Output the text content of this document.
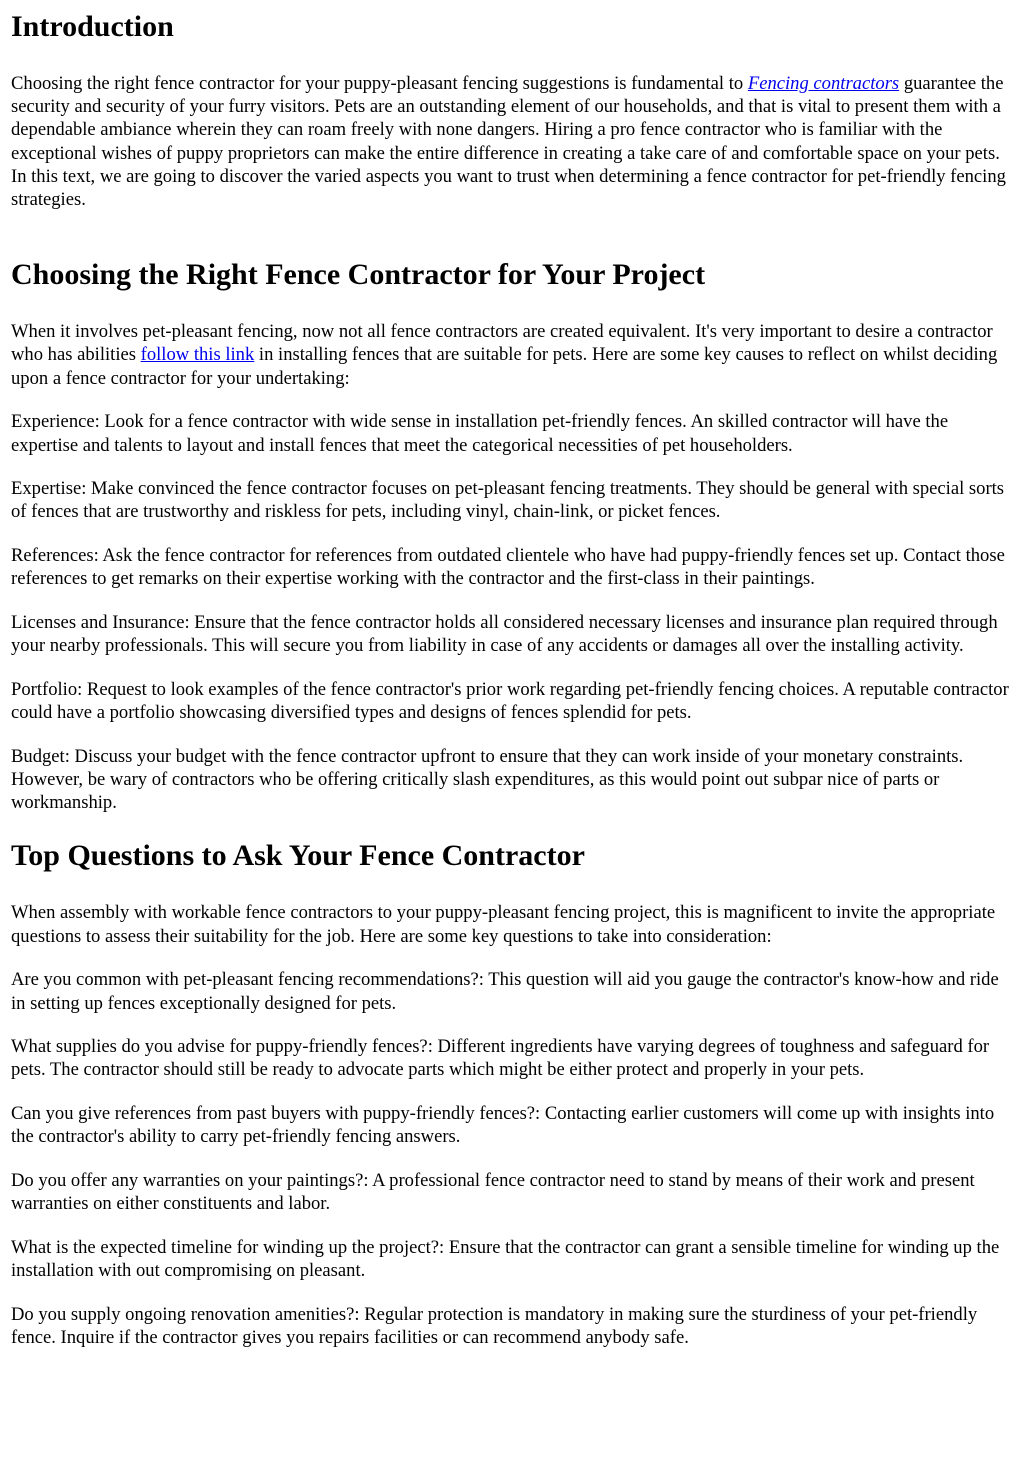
Introduction

Choosing the right fence contractor for your puppy-pleasant fencing suggestions is fundamental to Fencing contractors guarantee the security and security of your furry visitors. Pets are an outstanding element of our households, and that is vital to present them with a dependable ambiance wherein they can roam freely with none dangers. Hiring a pro fence contractor who is familiar with the exceptional wishes of puppy proprietors can make the entire difference in creating a take care of and comfortable space on your pets. In this text, we are going to discover the varied aspects you want to trust when determining a fence contractor for pet-friendly fencing strategies.

Choosing the Right Fence Contractor for Your Project

When it involves pet-pleasant fencing, now not all fence contractors are created equivalent. It's very important to desire a contractor who has abilities follow this link in installing fences that are suitable for pets. Here are some key causes to reflect on whilst deciding upon a fence contractor for your undertaking:

Experience: Look for a fence contractor with wide sense in installation pet-friendly fences. An skilled contractor will have the expertise and talents to layout and install fences that meet the categorical necessities of pet householders.

Expertise: Make convinced the fence contractor focuses on pet-pleasant fencing treatments. They should be general with special sorts of fences that are trustworthy and riskless for pets, including vinyl, chain-link, or picket fences.

References: Ask the fence contractor for references from outdated clientele who have had puppy-friendly fences set up. Contact those references to get remarks on their expertise working with the contractor and the first-class in their paintings.

Licenses and Insurance: Ensure that the fence contractor holds all considered necessary licenses and insurance plan required through your nearby professionals. This will secure you from liability in case of any accidents or damages all over the installing activity.

Portfolio: Request to look examples of the fence contractor's prior work regarding pet-friendly fencing choices. A reputable contractor could have a portfolio showcasing diversified types and designs of fences splendid for pets.

Budget: Discuss your budget with the fence contractor upfront to ensure that they can work inside of your monetary constraints. However, be wary of contractors who be offering critically slash expenditures, as this would point out subpar nice of parts or workmanship.

Top Questions to Ask Your Fence Contractor

When assembly with workable fence contractors to your puppy-pleasant fencing project, this is magnificent to invite the appropriate questions to assess their suitability for the job. Here are some key questions to take into consideration:

Are you common with pet-pleasant fencing recommendations?: This question will aid you gauge the contractor's know-how and ride in setting up fences exceptionally designed for pets.

What supplies do you advise for puppy-friendly fences?: Different ingredients have varying degrees of toughness and safeguard for pets. The contractor should still be ready to advocate parts which might be either protect and properly in your pets.

Can you give references from past buyers with puppy-friendly fences?: Contacting earlier customers will come up with insights into the contractor's ability to carry pet-friendly fencing answers.

Do you offer any warranties on your paintings?: A professional fence contractor need to stand by means of their work and present warranties on either constituents and labor.

What is the expected timeline for winding up the project?: Ensure that the contractor can grant a sensible timeline for winding up the installation with out compromising on pleasant.

Do you supply ongoing renovation amenities?: Regular protection is mandatory in making sure the sturdiness of your pet-friendly fence. Inquire if the contractor gives you repairs facilities or can recommend anybody safe.
